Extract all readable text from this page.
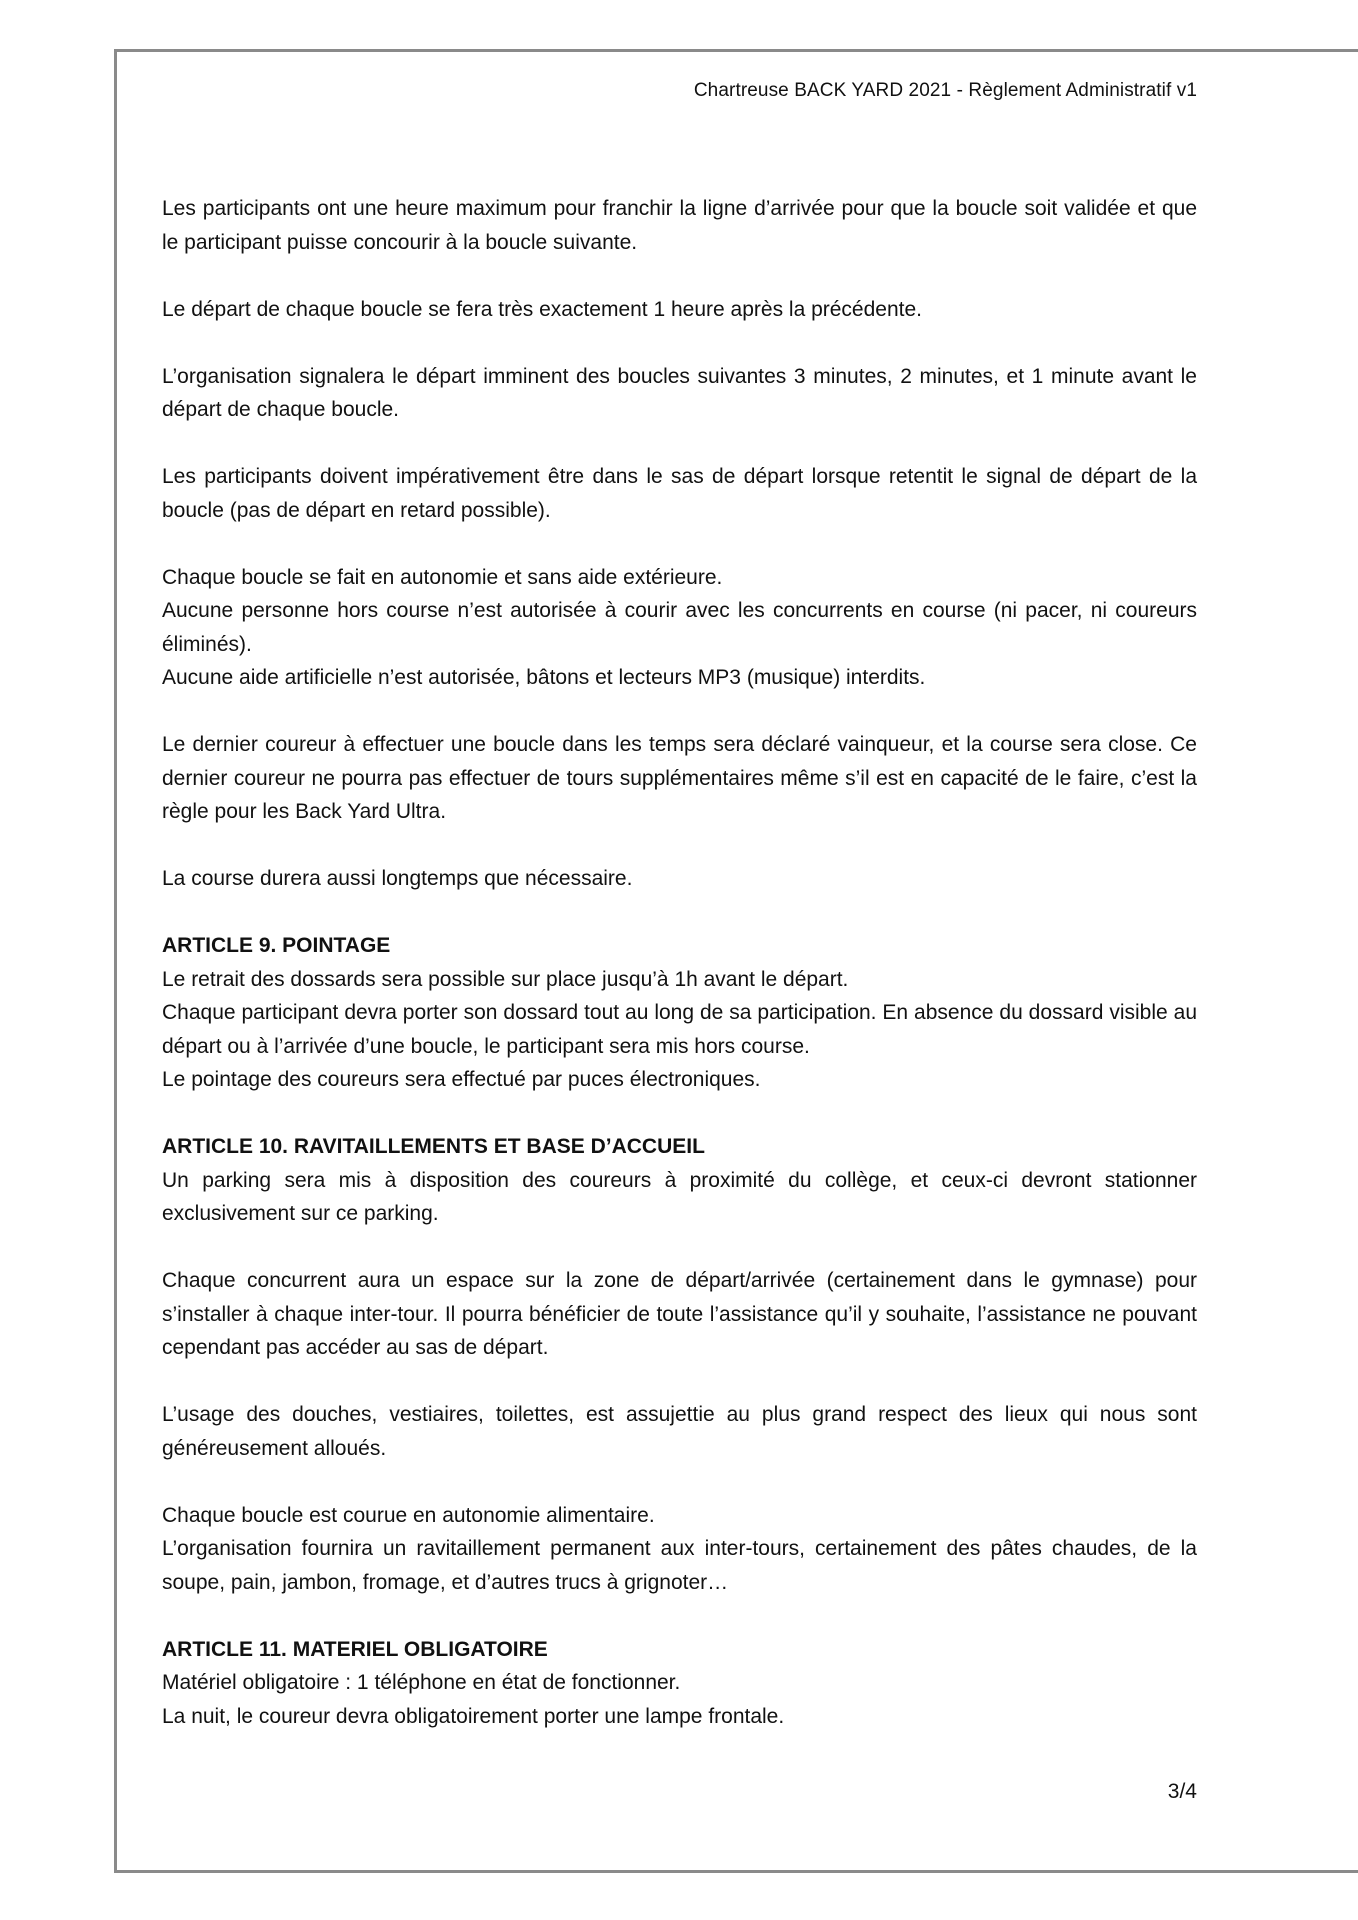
Chartreuse BACK YARD 2021 - Règlement Administratif v1

Les participants ont une heure maximum pour franchir la ligne d’arrivée pour que la boucle soit validée et que le participant puisse concourir à la boucle suivante.

Le départ de chaque boucle se fera très exactement 1 heure après la précédente.

L’organisation signalera le départ imminent des boucles suivantes 3 minutes, 2 minutes, et 1 minute avant le départ de chaque boucle.

Les participants doivent impérativement être dans le sas de départ lorsque retentit le signal de départ de la boucle (pas de départ en retard possible).

Chaque boucle se fait en autonomie et sans aide extérieure.

Aucune personne hors course n’est autorisée à courir avec les concurrents en course (ni pacer, ni coureurs éliminés).

Aucune aide artificielle n’est autorisée, bâtons et lecteurs MP3 (musique) interdits.

Le dernier coureur à effectuer une boucle dans les temps sera déclaré vainqueur, et la course sera close. Ce dernier coureur ne pourra pas effectuer de tours supplémentaires même s’il est en capacité de le faire, c’est la règle pour les Back Yard Ultra.

La course durera aussi longtemps que nécessaire.

ARTICLE 9. POINTAGE

Le retrait des dossards sera possible sur place jusqu’à 1h avant le départ.

Chaque participant devra porter son dossard tout au long de sa participation. En absence du dossard visible au départ ou à l’arrivée d’une boucle, le participant sera mis hors course.

Le pointage des coureurs sera effectué par puces électroniques.

ARTICLE 10. RAVITAILLEMENTS ET BASE D’ACCUEIL

Un parking sera mis à disposition des coureurs à proximité du collège, et ceux-ci devront stationner exclusivement sur ce parking.

Chaque concurrent aura un espace sur la zone de départ/arrivée (certainement dans le gymnase) pour s’installer à chaque inter-tour. Il pourra bénéficier de toute l’assistance qu’il y souhaite, l’assistance ne pouvant cependant pas accéder au sas de départ.

L’usage des douches, vestiaires, toilettes, est assujettie au plus grand respect des lieux qui nous sont généreusement alloués.

Chaque boucle est courue en autonomie alimentaire.

L’organisation fournira un ravitaillement permanent aux inter-tours, certainement des pâtes chaudes, de la soupe, pain, jambon, fromage, et d’autres trucs à grignoter…

ARTICLE 11. MATERIEL OBLIGATOIRE

Matériel obligatoire : 1 téléphone en état de fonctionner.

La nuit, le coureur devra obligatoirement porter une lampe frontale.

3/4
